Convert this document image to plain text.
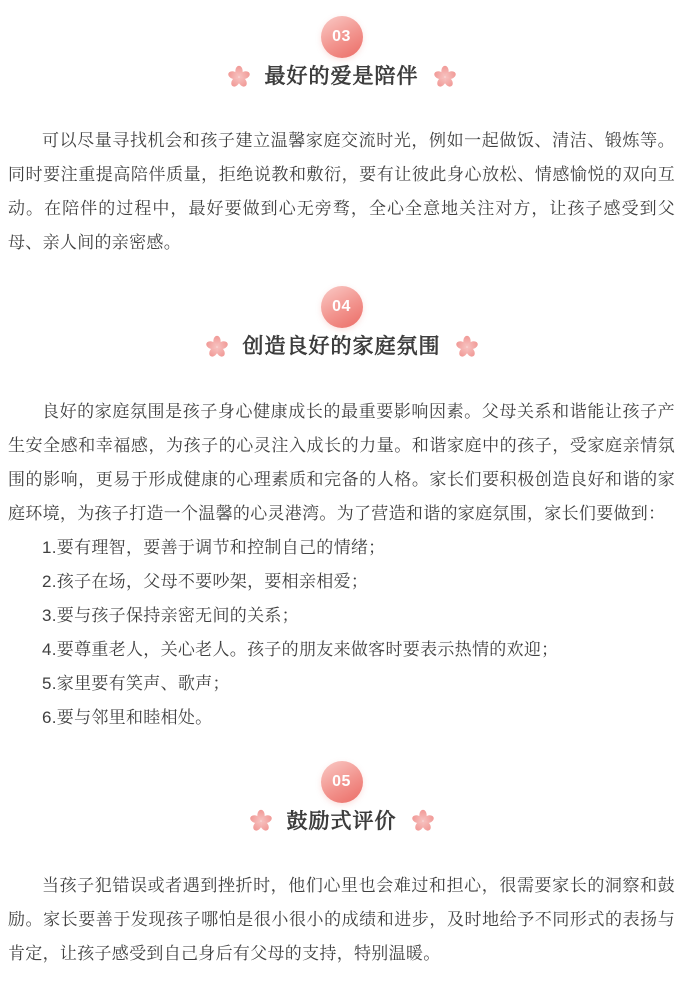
03
最好的爱是陪伴

可以尽量寻找机会和孩子建立温馨家庭交流时光，例如一起做饭、清洁、锻炼等。同时要注重提高陪伴质量，拒绝说教和敷衍，要有让彼此身心放松、情感愉悦的双向互动。在陪伴的过程中，最好要做到心无旁骛，全心全意地关注对方，让孩子感受到父母、亲人间的亲密感。

04
创造良好的家庭氛围

良好的家庭氛围是孩子身心健康成长的最重要影响因素。父母关系和谐能让孩子产生安全感和幸福感，为孩子的心灵注入成长的力量。和谐家庭中的孩子，受家庭亲情氛围的影响，更易于形成健康的心理素质和完备的人格。家长们要积极创造良好和谐的家庭环境，为孩子打造一个温馨的心灵港湾。为了营造和谐的家庭氛围，家长们要做到：

1.要有理智，要善于调节和控制自己的情绪；
2.孩子在场，父母不要吵架，要相亲相爱；
3.要与孩子保持亲密无间的关系；
4.要尊重老人，关心老人。孩子的朋友来做客时要表示热情的欢迎；
5.家里要有笑声、歌声；
6.要与邻里和睦相处。
05
鼓励式评价

当孩子犯错误或者遇到挫折时，他们心里也会难过和担心，很需要家长的洞察和鼓励。家长要善于发现孩子哪怕是很小很小的成绩和进步，及时地给予不同形式的表扬与肯定，让孩子感受到自己身后有父母的支持，特别温暖。
